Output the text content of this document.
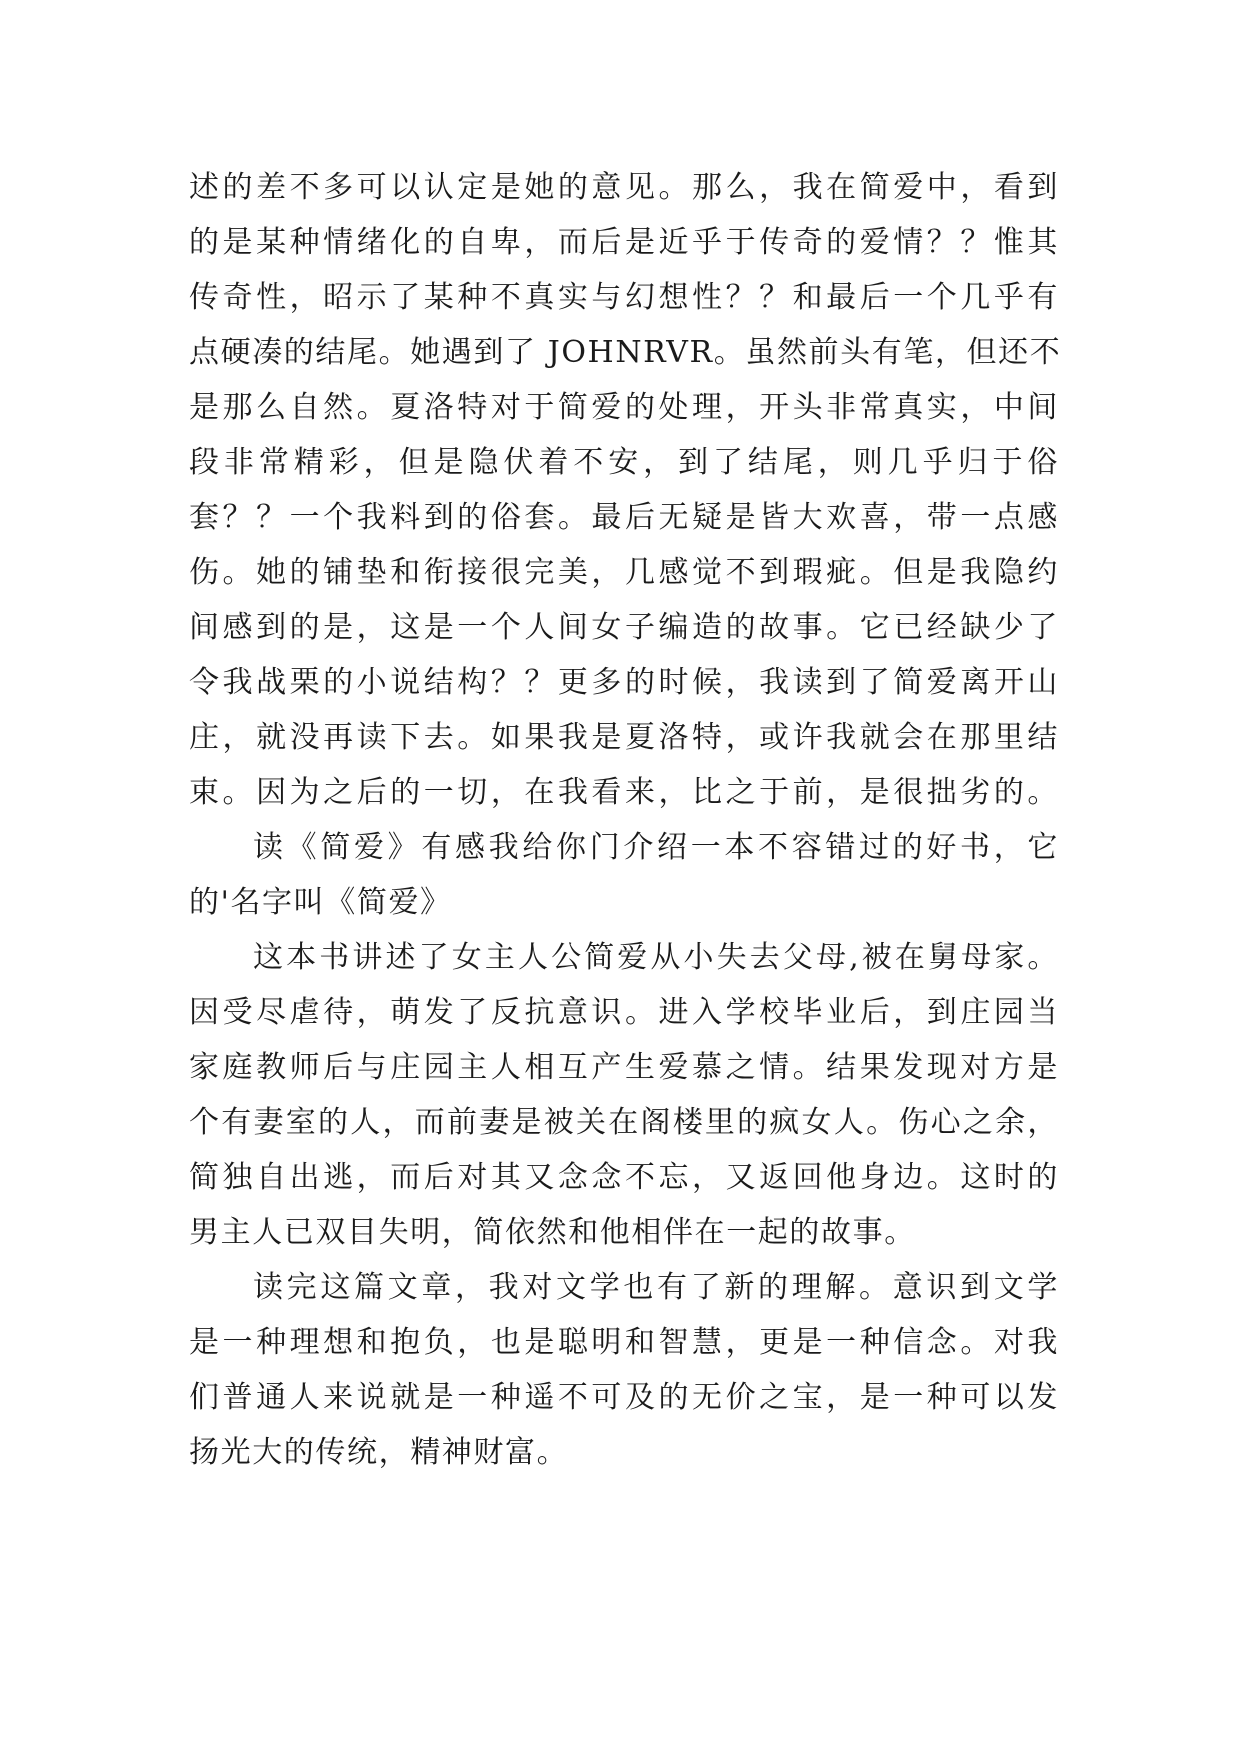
述的差不多可以认定是她的意见。那么，我在简爱中，看到
的是某种情绪化的自卑，而后是近乎于传奇的爱情？？惟其
传奇性，昭示了某种不真实与幻想性？？和最后一个几乎有
点硬凑的结尾。她遇到了 JOHNRVR。虽然前头有笔，但还不
是那么自然。夏洛特对于简爱的处理，开头非常真实，中间
段非常精彩，但是隐伏着不安，到了结尾，则几乎归于俗
套？？一个我料到的俗套。最后无疑是皆大欢喜，带一点感
伤。她的铺垫和衔接很完美，几感觉不到瑕疵。但是我隐约
间感到的是，这是一个人间女子编造的故事。它已经缺少了
令我战栗的小说结构？？更多的时候，我读到了简爱离开山
庄，就没再读下去。如果我是夏洛特，或许我就会在那里结
束。因为之后的一切，在我看来，比之于前，是很拙劣的。
读《简爱》有感我给你门介绍一本不容错过的好书，它
的'名字叫《简爱》
这本书讲述了女主人公简爱从小失去父母,被在舅母家。
因受尽虐待，萌发了反抗意识。进入学校毕业后，到庄园当
家庭教师后与庄园主人相互产生爱慕之情。结果发现对方是
个有妻室的人，而前妻是被关在阁楼里的疯女人。伤心之余，
简独自出逃，而后对其又念念不忘，又返回他身边。这时的
男主人已双目失明，简依然和他相伴在一起的故事。
读完这篇文章，我对文学也有了新的理解。意识到文学
是一种理想和抱负，也是聪明和智慧，更是一种信念。对我
们普通人来说就是一种遥不可及的无价之宝，是一种可以发
扬光大的传统，精神财富。
